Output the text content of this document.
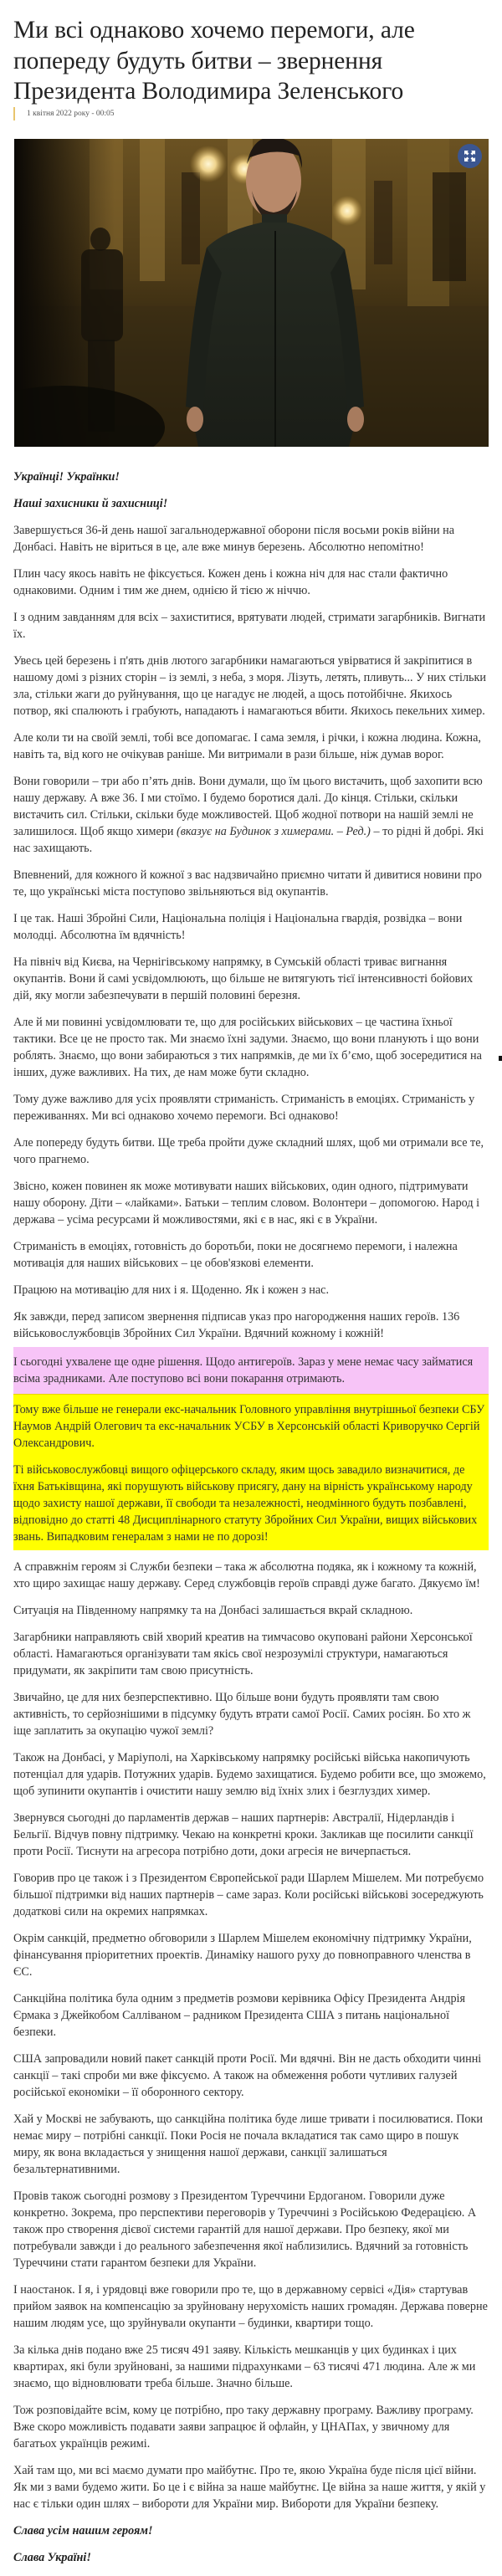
Ми всі однаково хочемо перемоги, але попереду будуть битви – звернення Президента Володимира Зеленського
1 квітня 2022 року - 00:05

Українці! Українки!

Наші захисники й захисниці!

Завершується 36-й день нашої загальнодержавної оборони після восьми років війни на Донбасі. Навіть не віриться в це, але вже минув березень. Абсолютно непомітно!

Плин часу якось навіть не фіксується. Кожен день і кожна ніч для нас стали фактично однаковими. Одним і тим же днем, однією й тією ж ніччю.

І з одним завданням для всіх – захиститися, врятувати людей, стримати загарбників. Вигнати їх.

Увесь цей березень і п'ять днів лютого загарбники намагаються увірватися й закріпитися в нашому домі з різних сторін – із землі, з неба, з моря. Лізуть, летять, пливуть... У них стільки зла, стільки жаги до руйнування, що це нагадує не людей, а щось потойбічне. Якихось потвор, які спалюють і грабують, нападають і намагаються вбити. Якихось пекельних химер.

Але коли ти на своїй землі, тобі все допомагає. І сама земля, і річки, і кожна людина. Кожна, навіть та, від кого не очікував раніше. Ми витримали в рази більше, ніж думав ворог.

Вони говорили – три або п’ять днів. Вони думали, що їм цього вистачить, щоб захопити всю нашу державу. А вже 36. І ми стоїмо. І будемо боротися далі. До кінця. Стільки, скільки вистачить сил. Стільки, скільки буде можливостей. Щоб жодної потвори на нашій землі не залишилося. Щоб якщо химери (вказує на Будинок з химерами. – Ред.) – то рідні й добрі. Які нас захищають.

Впевнений, для кожного й кожної з вас надзвичайно приємно читати й дивитися новини про те, що українські міста поступово звільняються від окупантів.

І це так. Наші Збройні Сили, Національна поліція і Національна гвардія, розвідка – вони молодці. Абсолютна їм вдячність!

На північ від Києва, на Чернігівському напрямку, в Сумській області триває вигнання окупантів. Вони й самі усвідомлюють, що більше не витягують тієї інтенсивності бойових дій, яку могли забезпечувати в першій половині березня.

Але й ми повинні усвідомлювати те, що для російських військових – це частина їхньої тактики. Все це не просто так. Ми знаємо їхні задуми. Знаємо, що вони планують і що вони роблять. Знаємо, що вони забираються з тих напрямків, де ми їх б’ємо, щоб зосередитися на інших, дуже важливих. На тих, де нам може бути складно.

Тому дуже важливо для усіх проявляти стриманість. Стриманість в емоціях. Стриманість у переживаннях. Ми всі однаково хочемо перемоги. Всі однаково!

Але попереду будуть битви. Ще треба пройти дуже складний шлях, щоб ми отримали все те, чого прагнемо.

Звісно, кожен повинен як може мотивувати наших військових, один одного, підтримувати нашу оборону. Діти – «лайками». Батьки – теплим словом. Волонтери – допомогою. Народ і держава – усіма ресурсами й можливостями, які є в нас, які є в України.

Стриманість в емоціях, готовність до боротьби, поки не досягнемо перемоги, і належна мотивація для наших військових – це обов'язкові елементи.

Працюю на мотивацію для них і я. Щоденно. Як і кожен з нас.

Як завжди, перед записом звернення підписав указ про нагородження наших героїв. 136 військовослужбовців Збройних Сил України. Вдячний кожному і кожній!

І сьогодні ухвалене ще одне рішення. Щодо антигероїв. Зараз у мене немає часу займатися всіма зрадниками. Але поступово всі вони покарання отримають.

Тому вже більше не генерали екс-начальник Головного управління внутрішньої безпеки СБУ Наумов Андрій Олегович та екс-начальник УСБУ в Херсонській області Криворучко Сергій Олександрович.

Ті військовослужбовці вищого офіцерського складу, яким щось завадило визначитися, де їхня Батьківщина, які порушують військову присягу, дану на вірність українському народу щодо захисту нашої держави, її свободи та незалежності, неодмінного будуть позбавлені, відповідно до статті 48 Дисциплінарного статуту Збройних Сил України, вищих військових звань. Випадковим генералам з нами не по дорозі!

А справжнім героям зі Служби безпеки – така ж абсолютна подяка, як і кожному та кожній, хто щиро захищає нашу державу. Серед службовців героїв справді дуже багато. Дякуємо їм!

Ситуація на Південному напрямку та на Донбасі залишається вкрай складною.

Загарбники направляють свій хворий креатив на тимчасово окуповані райони Херсонської області. Намагаються організувати там якісь свої незрозумілі структури, намагаються придумати, як закріпити там свою присутність.

Звичайно, це для них безперспективно. Що більше вони будуть проявляти там свою активність, то серйознішими в підсумку будуть втрати самої Росії. Самих росіян. Бо хто ж іще заплатить за окупацію чужої землі?

Також на Донбасі, у Маріуполі, на Харківському напрямку російські війська накопичують потенціал для ударів. Потужних ударів. Будемо захищатися. Будемо робити все, що зможемо, щоб зупинити окупантів і очистити нашу землю від їхніх злих і безглуздих химер.

Звернувся сьогодні до парламентів держав – наших партнерів: Австралії, Нідерландів і Бельгії. Відчув повну підтримку. Чекаю на конкретні кроки. Закликав ще посилити санкції проти Росії. Тиснути на агресора потрібно доти, доки агресія не вичерпається.

Говорив про це також і з Президентом Європейської ради Шарлем Мішелем. Ми потребуємо більшої підтримки від наших партнерів – саме зараз. Коли російські військові зосереджують додаткові сили на окремих напрямках.

Окрім санкцій, предметно обговорили з Шарлем Мішелем економічну підтримку України, фінансування пріоритетних проектів. Динаміку нашого руху до повноправного членства в ЄС.

Санкційна політика була одним з предметів розмови керівника Офісу Президента Андрія Єрмака з Джейкобом Салліваном – радником Президента США з питань національної безпеки.

США запровадили новий пакет санкцій проти Росії. Ми вдячні. Він не дасть обходити чинні санкції – такі спроби ми вже фіксуємо. А також на обмеження роботи чутливих галузей російської економіки – її оборонного сектору.

Хай у Москві не забувають, що санкційна політика буде лише тривати і посилюватися. Поки немає миру – потрібні санкції. Поки Росія не почала вкладатися так само щиро в пошук миру, як вона вкладається у знищення нашої держави, санкції залишаться безальтернативними.

Провів також сьогодні розмову з Президентом Туреччини Ердоганом. Говорили дуже конкретно. Зокрема, про перспективи переговорів у Туреччині з Російською Федерацією. А також про створення дієвої системи гарантій для нашої держави. Про безпеку, якої ми потребували завжди і до реального забезпечення якої наблизились. Вдячний за готовність Туреччини стати гарантом безпеки для України.

І наостанок. І я, і урядовці вже говорили про те, що в державному сервісі «Дія» стартував прийом заявок на компенсацію за зруйновану нерухомість наших громадян. Держава поверне нашим людям усе, що зруйнували окупанти – будинки, квартири тощо.

За кілька днів подано вже 25 тисяч 491 заяву. Кількість мешканців у цих будинках і цих квартирах, які були зруйновані, за нашими підрахунками – 63 тисячі 471 людина. Але ж ми знаємо, що відновлювати треба більше. Значно більше.

Тож розповідайте всім, кому це потрібно, про таку державну програму. Важливу програму. Вже скоро можливість подавати заяви запрацює й офлайн, у ЦНАПах, у звичному для багатьох українців режимі.

Хай там що, ми всі маємо думати про майбутнє. Про те, якою Україна буде після цієї війни. Як ми з вами будемо жити. Бо це і є війна за наше майбутнє. Це війна за наше життя, у якій у нас є тільки один шлях – вибороти для України мир. Вибороти для України безпеку.

Слава усім нашим героям!

Слава Україні!
